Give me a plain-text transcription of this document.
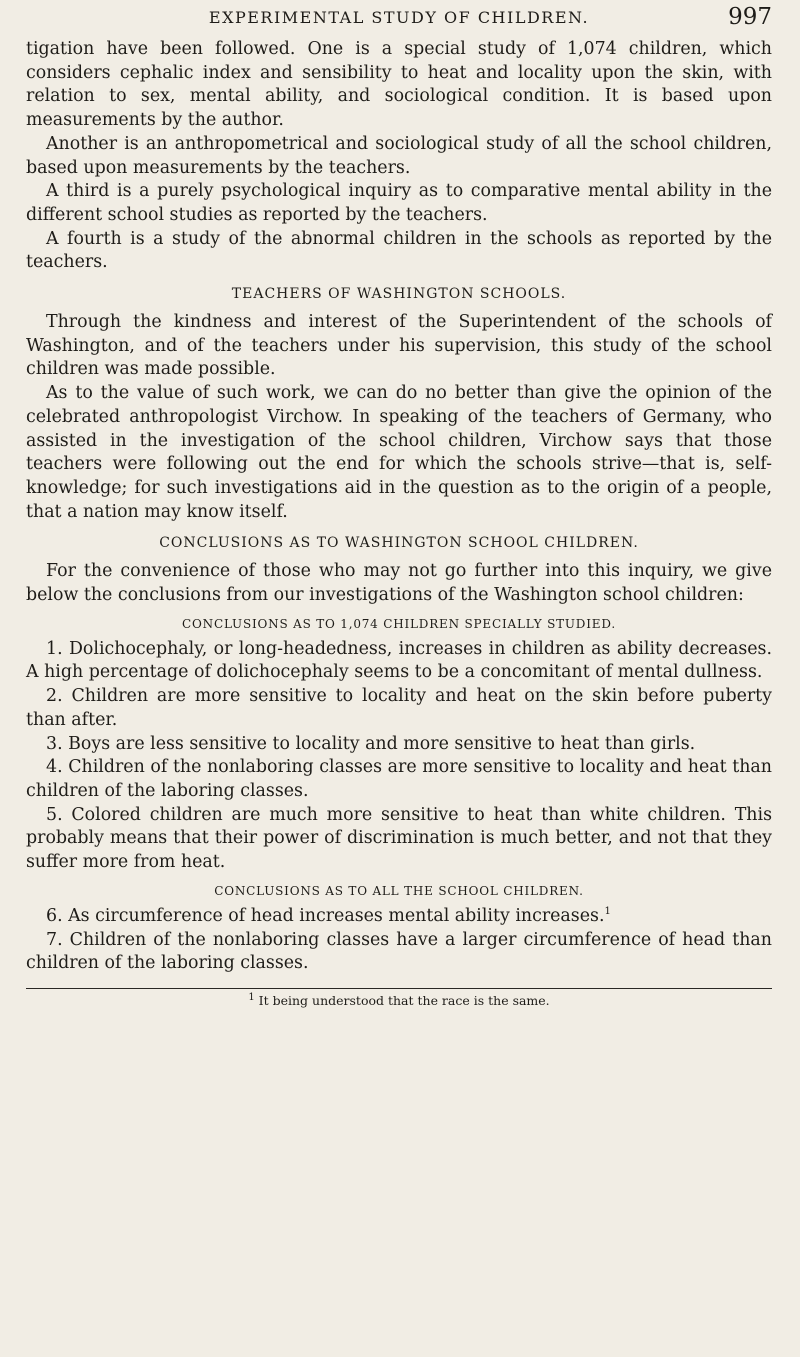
EXPERIMENTAL STUDY OF CHILDREN.	997

tigation have been followed. One is a special study of 1,074 children, which considers cephalic index and sensibility to heat and locality upon the skin, with relation to sex, mental ability, and sociological condition. It is based upon measurements by the author.

Another is an anthropometrical and sociological study of all the school children, based upon measurements by the teachers.

A third is a purely psychological inquiry as to comparative mental ability in the different school studies as reported by the teachers.

A fourth is a study of the abnormal children in the schools as reported by the teachers.

TEACHERS OF WASHINGTON SCHOOLS.

Through the kindness and interest of the Superintendent of the schools of Washington, and of the teachers under his supervision, this study of the school children was made possible.

As to the value of such work, we can do no better than give the opinion of the celebrated anthropologist Virchow. In speaking of the teachers of Germany, who assisted in the investigation of the school children, Virchow says that those teachers were following out the end for which the schools strive—that is, self-knowledge; for such investigations aid in the question as to the origin of a people, that a nation may know itself.

CONCLUSIONS AS TO WASHINGTON SCHOOL CHILDREN.

For the convenience of those who may not go further into this inquiry, we give below the conclusions from our investigations of the Washington school children:

CONCLUSIONS AS TO 1,074 CHILDREN SPECIALLY STUDIED.

1. Dolichocephaly, or long-headedness, increases in children as ability decreases. A high percentage of dolichocephaly seems to be a concomitant of mental dullness.

2. Children are more sensitive to locality and heat on the skin before puberty than after.

3. Boys are less sensitive to locality and more sensitive to heat than girls.

4. Children of the nonlaboring classes are more sensitive to locality and heat than children of the laboring classes.

5. Colored children are much more sensitive to heat than white children. This probably means that their power of discrimination is much better, and not that they suffer more from heat.

CONCLUSIONS AS TO ALL THE SCHOOL CHILDREN.

6. As circumference of head increases mental ability increases.$^1$

7. Children of the nonlaboring classes have a larger circumference of head than children of the laboring classes.

$^1$ It being understood that the race is the same.
